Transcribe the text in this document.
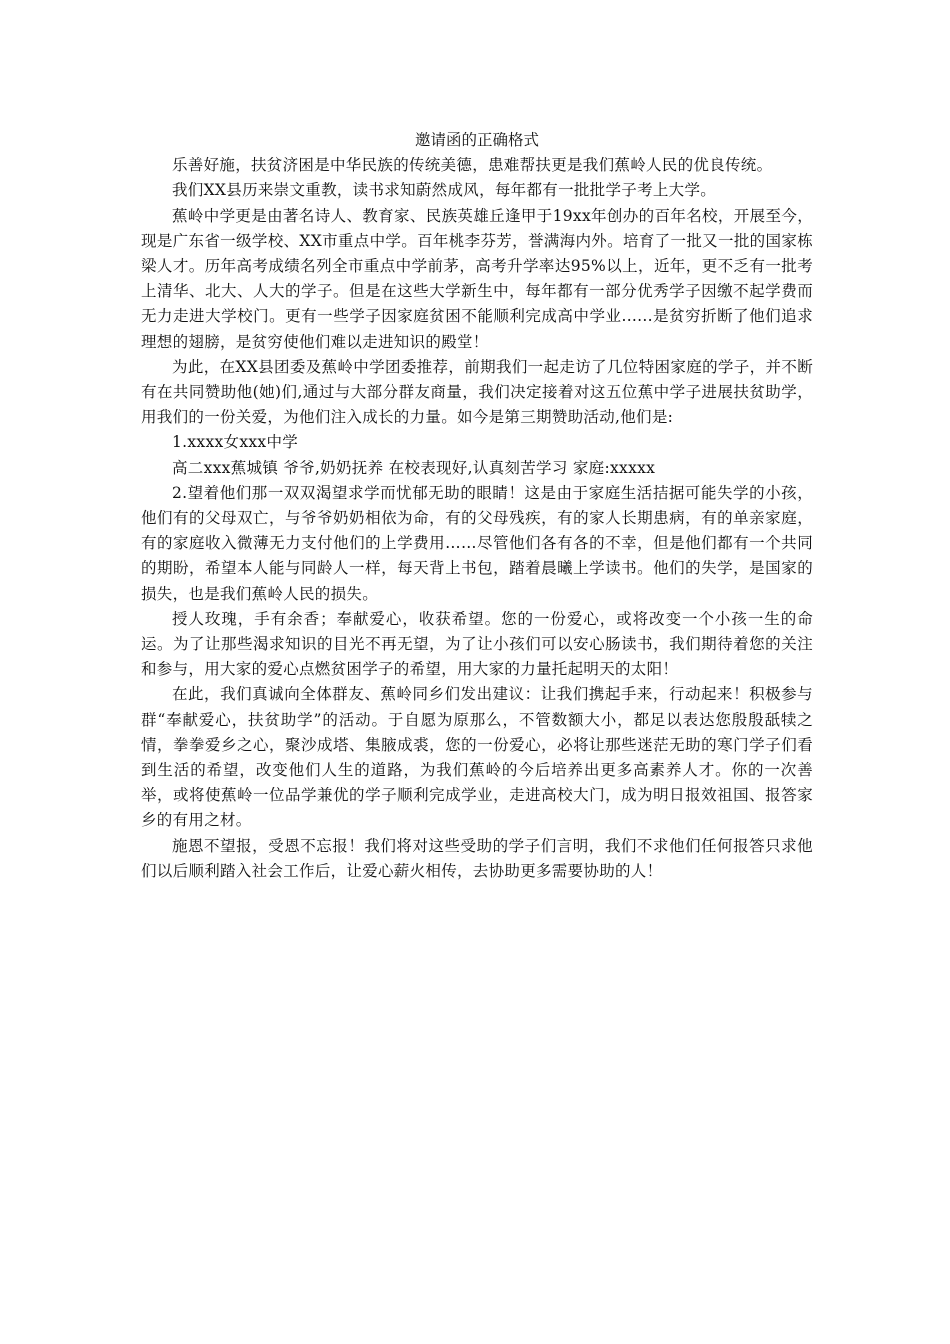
邀请函的正确格式

乐善好施，扶贫济困是中华民族的传统美德，患难帮扶更是我们蕉岭人民的优良传统。

我们XX县历来崇文重教，读书求知蔚然成风，每年都有一批批学子考上大学。

蕉岭中学更是由著名诗人、教育家、民族英雄丘逢甲于19xx年创办的百年名校，开展至今，现是广东省一级学校、XX市重点中学。百年桃李芬芳，誉满海内外。培育了一批又一批的国家栋梁人才。历年高考成绩名列全市重点中学前茅，高考升学率达95%以上，近年，更不乏有一批考上清华、北大、人大的学子。但是在这些大学新生中，每年都有一部分优秀学子因缴不起学费而无力走进大学校门。更有一些学子因家庭贫困不能顺利完成高中学业......是贫穷折断了他们追求理想的翅膀，是贫穷使他们难以走进知识的殿堂！

为此，在XX县团委及蕉岭中学团委推荐，前期我们一起走访了几位特困家庭的学子，并不断有在共同赞助他(她)们,通过与大部分群友商量，我们决定接着对这五位蕉中学子进展扶贫助学，用我们的一份关爱，为他们注入成长的力量。如今是第三期赞助活动,他们是:

1.xxxx女xxx中学

高二xxx蕉城镇 爷爷,奶奶抚养 在校表现好,认真刻苦学习 家庭:xxxxx

2.望着他们那一双双渴望求学而忧郁无助的眼睛！这是由于家庭生活拮据可能失学的小孩，他们有的父母双亡，与爷爷奶奶相依为命，有的父母残疾，有的家人长期患病，有的单亲家庭，有的家庭收入微薄无力支付他们的上学费用……尽管他们各有各的不幸，但是他们都有一个共同的期盼，希望本人能与同龄人一样，每天背上书包，踏着晨曦上学读书。他们的失学，是国家的损失，也是我们蕉岭人民的损失。

授人玫瑰，手有余香；奉献爱心，收获希望。您的一份爱心，或将改变一个小孩一生的命运。为了让那些渴求知识的目光不再无望，为了让小孩们可以安心肠读书，我们期待着您的关注和参与，用大家的爱心点燃贫困学子的希望，用大家的力量托起明天的太阳！

在此，我们真诚向全体群友、蕉岭同乡们发出建议：让我们携起手来，行动起来！积极参与群“奉献爱心，扶贫助学”的活动。于自愿为原那么，不管数额大小，都足以表达您殷殷舐犊之情，拳拳爱乡之心，聚沙成塔、集腋成裘，您的一份爱心，必将让那些迷茫无助的寒门学子们看到生活的希望，改变他们人生的道路，为我们蕉岭的今后培养出更多高素养人才。你的一次善举，或将使蕉岭一位品学兼优的学子顺利完成学业，走进高校大门，成为明日报效祖国、报答家乡的有用之材。

施恩不望报，受恩不忘报！我们将对这些受助的学子们言明，我们不求他们任何报答只求他们以后顺利踏入社会工作后，让爱心薪火相传，去协助更多需要协助的人！
